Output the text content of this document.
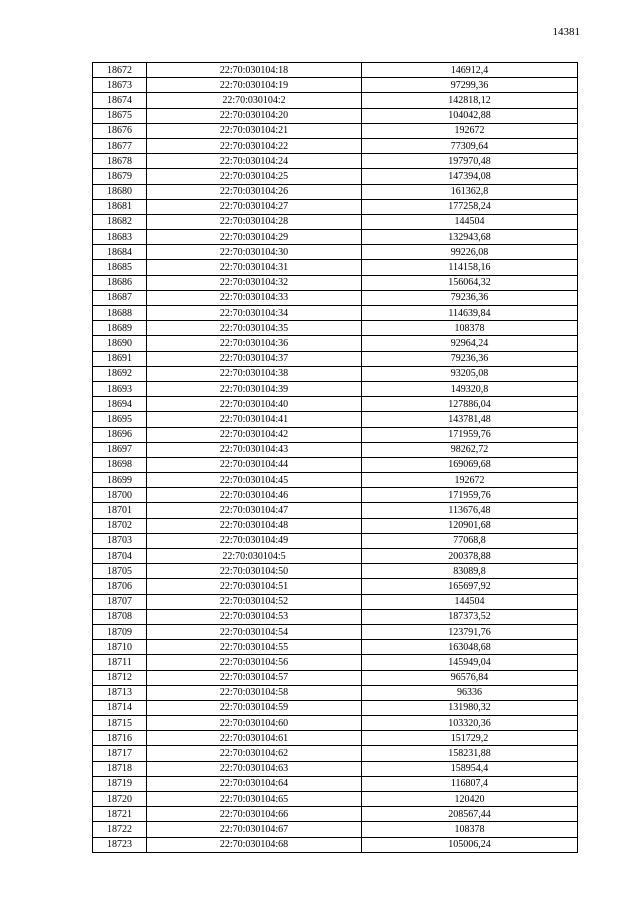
14381
18672	22:70:030104:18	146912,4
18673	22:70:030104:19	97299,36
18674	22:70:030104:2	142818,12
18675	22:70:030104:20	104042,88
18676	22:70:030104:21	192672
18677	22:70:030104:22	77309,64
18678	22:70:030104:24	197970,48
18679	22:70:030104:25	147394,08
18680	22:70:030104:26	161362,8
18681	22:70:030104:27	177258,24
18682	22:70:030104:28	144504
18683	22:70:030104:29	132943,68
18684	22:70:030104:30	99226,08
18685	22:70:030104:31	114158,16
18686	22:70:030104:32	156064,32
18687	22:70:030104:33	79236,36
18688	22:70:030104:34	114639,84
18689	22:70:030104:35	108378
18690	22:70:030104:36	92964,24
18691	22:70:030104:37	79236,36
18692	22:70:030104:38	93205,08
18693	22:70:030104:39	149320,8
18694	22:70:030104:40	127886,04
18695	22:70:030104:41	143781,48
18696	22:70:030104:42	171959,76
18697	22:70:030104:43	98262,72
18698	22:70:030104:44	169069,68
18699	22:70:030104:45	192672
18700	22:70:030104:46	171959,76
18701	22:70:030104:47	113676,48
18702	22:70:030104:48	120901,68
18703	22:70:030104:49	77068,8
18704	22:70:030104:5	200378,88
18705	22:70:030104:50	83089,8
18706	22:70:030104:51	165697,92
18707	22:70:030104:52	144504
18708	22:70:030104:53	187373,52
18709	22:70:030104:54	123791,76
18710	22:70:030104:55	163048,68
18711	22:70:030104:56	145949,04
18712	22:70:030104:57	96576,84
18713	22:70:030104:58	96336
18714	22:70:030104:59	131980,32
18715	22:70:030104:60	103320,36
18716	22:70:030104:61	151729,2
18717	22:70:030104:62	158231,88
18718	22:70:030104:63	158954,4
18719	22:70:030104:64	116807,4
18720	22:70:030104:65	120420
18721	22:70:030104:66	208567,44
18722	22:70:030104:67	108378
18723	22:70:030104:68	105006,24
